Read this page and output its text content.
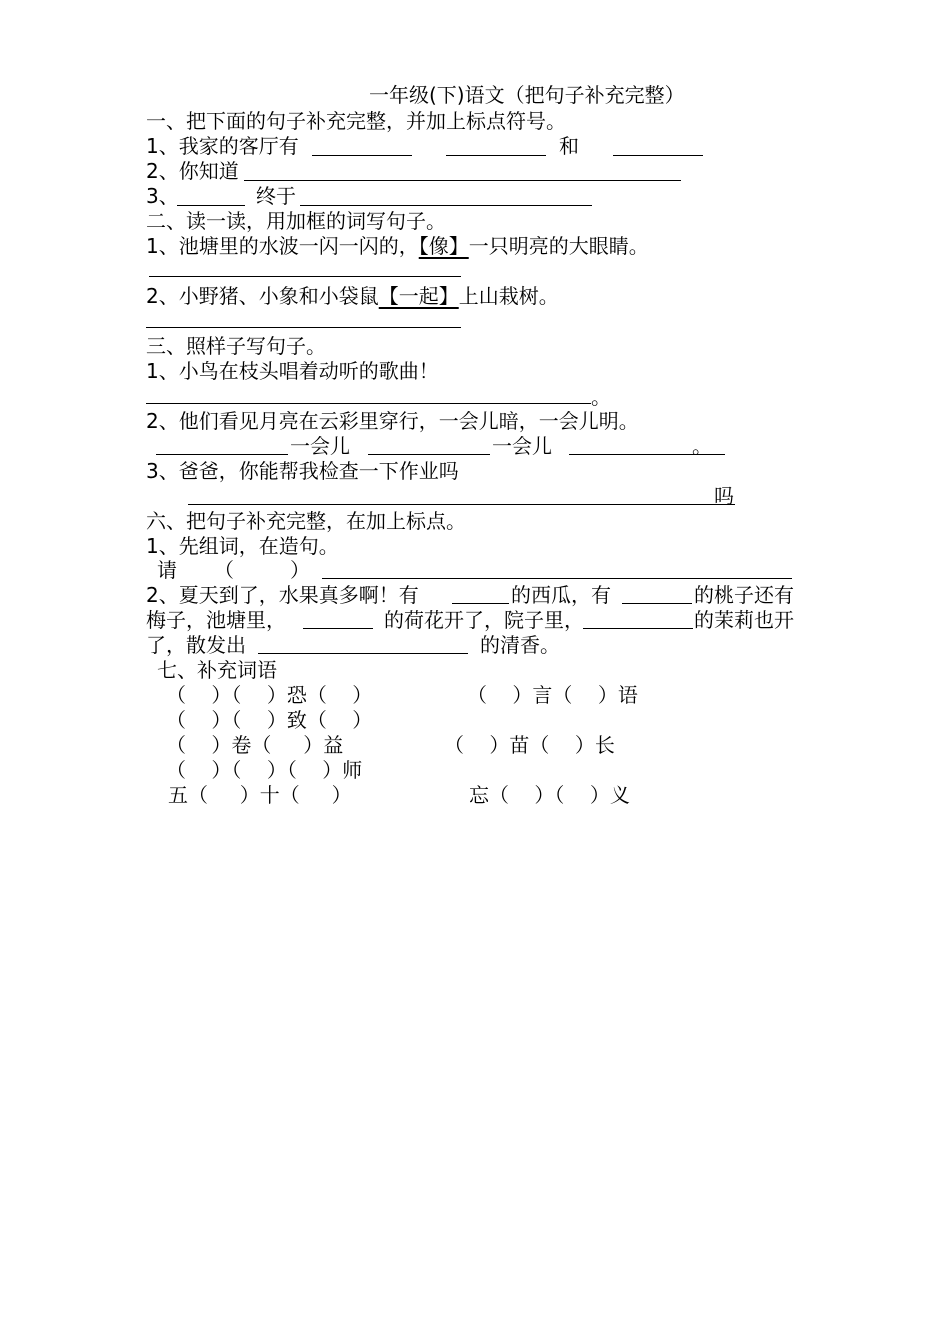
一年级(下)语文（把句子补充完整）
一、把下面的句子补充完整，并加上标点符号。
1、我家的客厅有	和
2、你知道
3、	终于
二、读一读，用加框的词写句子。
1、池塘里的水波一闪一闪的，【像】一只明亮的大眼睛。
2、小野猪、小象和小袋鼠【一起】上山栽树。
三、照样子写句子。
1、小鸟在枝头唱着动听的歌曲！
。
2、他们看见月亮在云彩里穿行，一会儿暗，一会儿明。
一会儿	一会儿	。
3、爸爸，你能帮我检查一下作业吗
吗
六、把句子补充完整，在加上标点。
1、先组词，在造句。
请 （	）
2、夏天到了，水果真多啊！有	的西瓜，有	的桃子还有
梅子，池塘里，	的荷花开了，院子里，	的茉莉也开
了，散发出	的清香。
七、补充词语
（    ）（    ）恐（    ）	（    ）言（    ）语
（    ）（    ）致（    ）
（    ）卷（     ）益	（    ）苗（    ）长
（    ）（    ）（    ）师
五（     ）十（     ）	忘（    ）（    ）义
